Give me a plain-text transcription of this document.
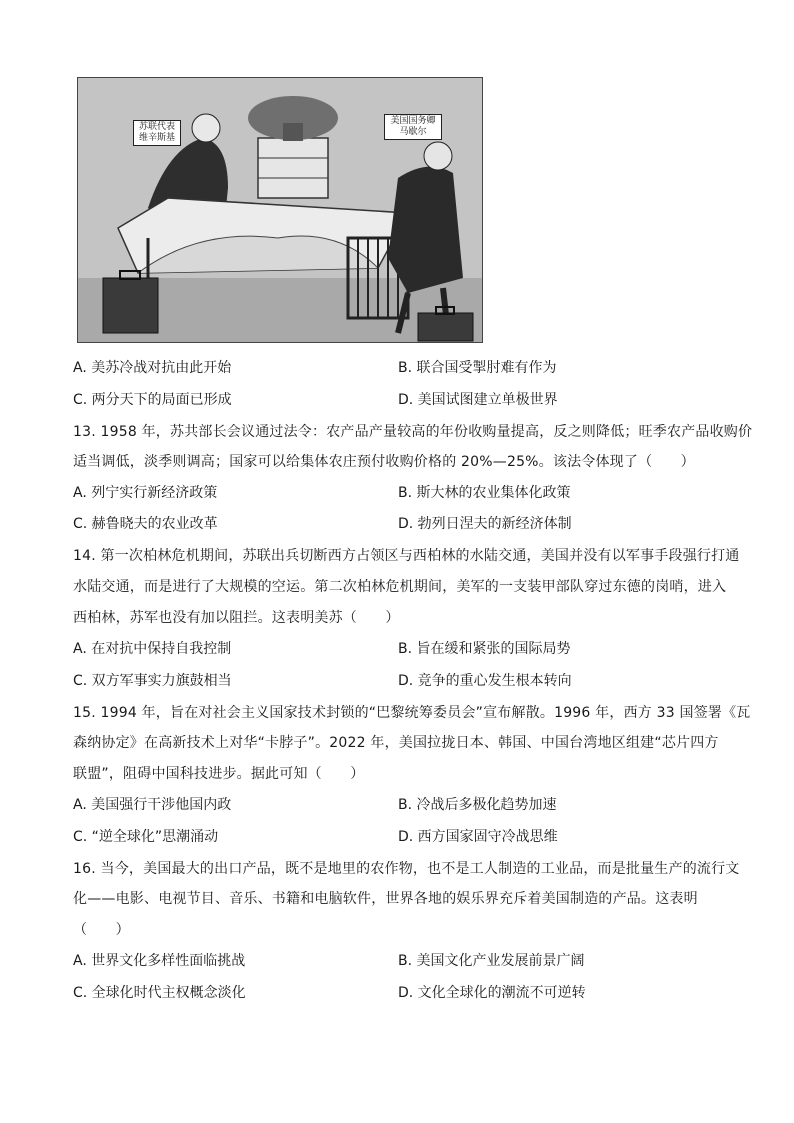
苏联代表
维辛斯基
美国国务卿
马歇尔
A. 美苏冷战对抗由此开始	B. 联合国受掣肘难有作为
C. 两分天下的局面已形成	D. 美国试图建立单极世界
13. 1958 年，苏共部长会议通过法令：农产品产量较高的年份收购量提高，反之则降低；旺季农产品收购价
适当调低，淡季则调高；国家可以给集体农庄预付收购价格的 20%—25%。该法令体现了（　　）
A. 列宁实行新经济政策	B. 斯大林的农业集体化政策
C. 赫鲁晓夫的农业改革	D. 勃列日涅夫的新经济体制
14. 第一次柏林危机期间，苏联出兵切断西方占领区与西柏林的水陆交通，美国并没有以军事手段强行打通
水陆交通，而是进行了大规模的空运。第二次柏林危机期间，美军的一支装甲部队穿过东德的岗哨，进入
西柏林，苏军也没有加以阻拦。这表明美苏（　　）
A. 在对抗中保持自我控制	B. 旨在缓和紧张的国际局势
C. 双方军事实力旗鼓相当	D. 竞争的重心发生根本转向
15. 1994 年，旨在对社会主义国家技术封锁的“巴黎统筹委员会”宣布解散。1996 年，西方 33 国签署《瓦
森纳协定》在高新技术上对华“卡脖子”。2022 年，美国拉拢日本、韩国、中国台湾地区组建“芯片四方
联盟”，阻碍中国科技进步。据此可知（　　）
A. 美国强行干涉他国内政	B. 冷战后多极化趋势加速
C. “逆全球化”思潮涌动	D. 西方国家固守冷战思维
16. 当今，美国最大的出口产品，既不是地里的农作物，也不是工人制造的工业品，而是批量生产的流行文
化——电影、电视节目、音乐、书籍和电脑软件，世界各地的娱乐界充斥着美国制造的产品。这表明
（　　）
A. 世界文化多样性面临挑战	B. 美国文化产业发展前景广阔
C. 全球化时代主权概念淡化	D. 文化全球化的潮流不可逆转
